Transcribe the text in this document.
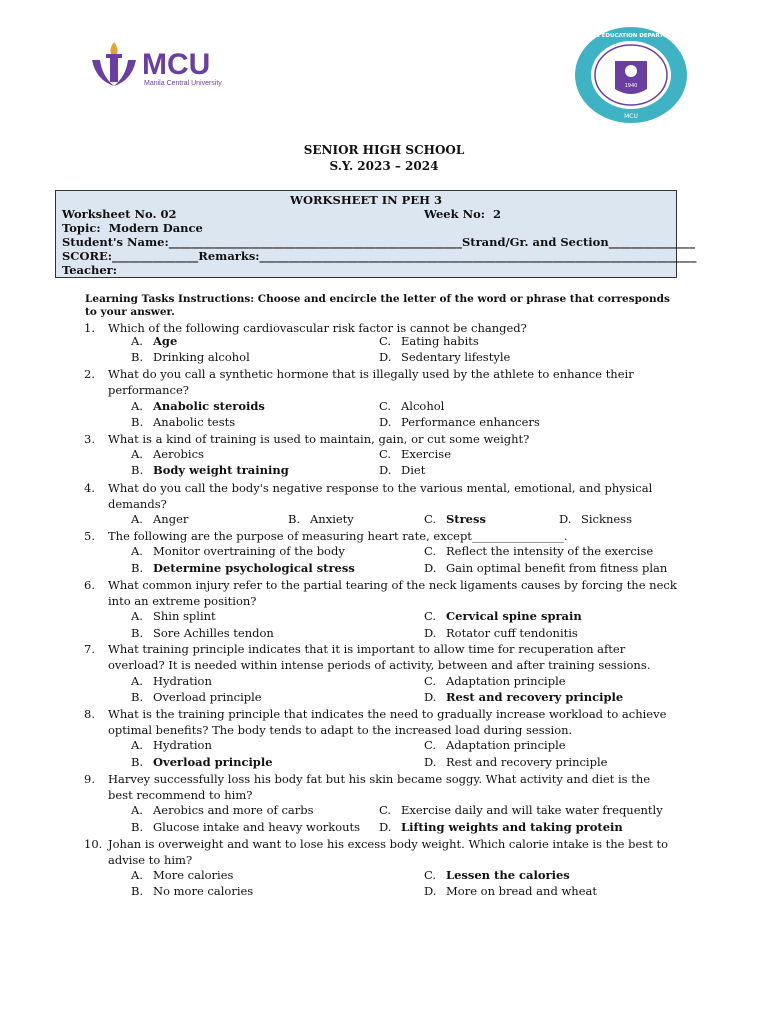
MCU
Manila Central University	1940
BASIC EDUCATION DEPARTMENT
MCU
SENIOR HIGH SCHOOL
S.Y. 2023 – 2024
WORKSHEET IN PEH 3
Worksheet No. 02	Week No:  2
Topic:  Modern Dance
Student's Name:___________________________________________________Strand/Gr. and Section_______________
SCORE:_______________Remarks:____________________________________________________________________________
Teacher:
Learning Tasks Instructions: Choose and encircle the letter of the word or phrase that corresponds to your answer.
1.	Which of the following cardiovascular risk factor is cannot be changed?
A. Age	C. Eating habits
B. Drinking alcohol	D. Sedentary lifestyle
2.	What do you call a synthetic hormone that is illegally used by the athlete to enhance their performance?
A. Anabolic steroids	C. Alcohol
B. Anabolic tests	D. Performance enhancers
3.	What is a kind of training is used to maintain, gain, or cut some weight?
A. Aerobics	C. Exercise
B. Body weight training	D. Diet
4.	What do you call the body's negative response to the various mental, emotional, and physical demands?
A. Anger	B. Anxiety	C. Stress	D. Sickness
5.	The following are the purpose of measuring heart rate, except________________.
A. Monitor overtraining of the body	C. Reflect the intensity of the exercise
B. Determine psychological stress	D. Gain optimal benefit from fitness plan
6.	What common injury refer to the partial tearing of the neck ligaments causes by forcing the neck into an extreme position?
A. Shin splint	C. Cervical spine sprain
B. Sore Achilles tendon	D. Rotator cuff tendonitis
7.	What training principle indicates that it is important to allow time for recuperation after overload? It is needed within intense periods of activity, between and after training sessions.
A. Hydration	C. Adaptation principle
B. Overload principle	D. Rest and recovery principle
8.	What is the training principle that indicates the need to gradually increase workload to achieve optimal benefits? The body tends to adapt to the increased load during session.
A. Hydration	C. Adaptation principle
B. Overload principle	D. Rest and recovery principle
9.	Harvey successfully loss his body fat but his skin became soggy. What activity and diet is the best recommend to him?
A. Aerobics and more of carbs	C. Exercise daily and will take water frequently
B. Glucose intake and heavy workouts D. Lifting weights and taking protein
10. Johan is overweight and want to lose his excess body weight. Which calorie intake is the best to advise to him?
A. More calories	C. Lessen the calories
B. No more calories	D. More on bread and wheat
